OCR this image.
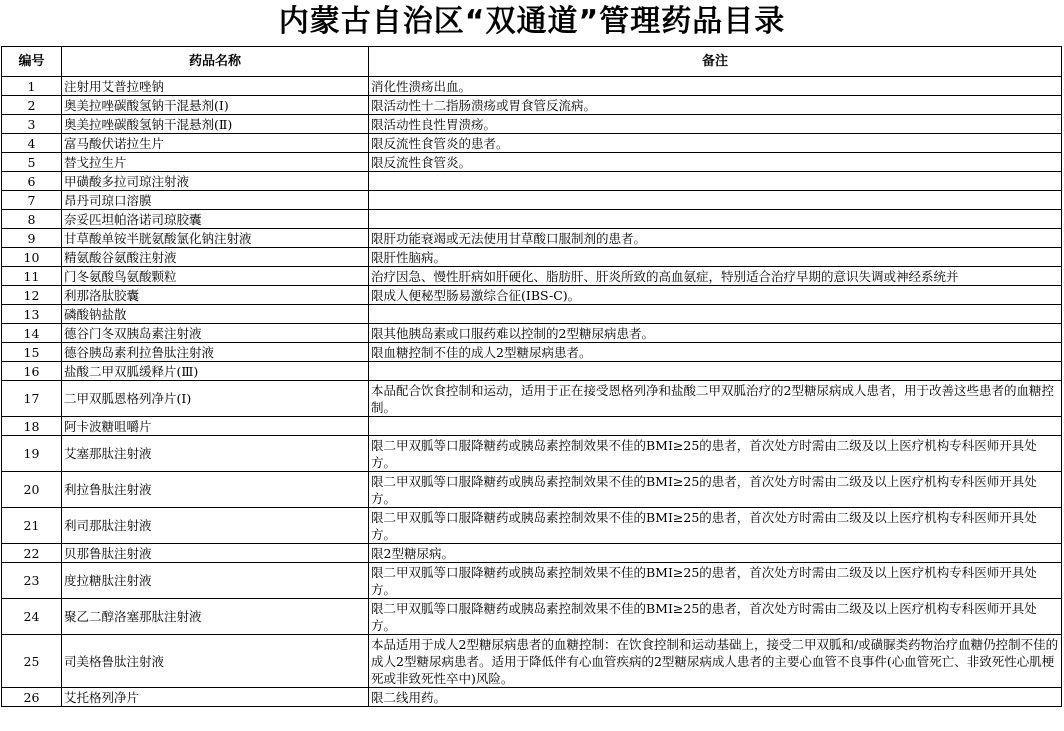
内蒙古自治区“双通道”管理药品目录
编号	药品名称	备注
1	注射用艾普拉唑钠	消化性溃疡出血。
2	奥美拉唑碳酸氢钠干混悬剂(I)	限活动性十二指肠溃疡或胃食管反流病。
3	奥美拉唑碳酸氢钠干混悬剂(Ⅱ)	限活动性良性胃溃疡。
4	富马酸伏诺拉生片	限反流性食管炎的患者。
5	替戈拉生片	限反流性食管炎。
6	甲磺酸多拉司琼注射液	
7	昂丹司琼口溶膜	
8	奈妥匹坦帕洛诺司琼胶囊	
9	甘草酸单铵半胱氨酸氯化钠注射液	限肝功能衰竭或无法使用甘草酸口服制剂的患者。
10	精氨酸谷氨酸注射液	限肝性脑病。
11	门冬氨酸鸟氨酸颗粒	治疗因急、慢性肝病如肝硬化、脂肪肝、肝炎所致的高血氨症，特别适合治疗早期的意识失调或神经系统并
12	利那洛肽胶囊	限成人便秘型肠易激综合征(IBS-C)。
13	磷酸钠盐散	
14	德谷门冬双胰岛素注射液	限其他胰岛素或口服药难以控制的2型糖尿病患者。
15	德谷胰岛素利拉鲁肽注射液	限血糖控制不佳的成人2型糖尿病患者。
16	盐酸二甲双胍缓释片(Ⅲ)	
17	二甲双胍恩格列净片(Ⅰ)	本品配合饮食控制和运动，适用于正在接受恩格列净和盐酸二甲双胍治疗的2型糖尿病成人患者，用于改善这些患者的血糖控制。
18	阿卡波糖咀嚼片	
19	艾塞那肽注射液	限二甲双胍等口服降糖药或胰岛素控制效果不佳的BMI≥25的患者，首次处方时需由二级及以上医疗机构专科医师开具处方。
20	利拉鲁肽注射液	限二甲双胍等口服降糖药或胰岛素控制效果不佳的BMI≥25的患者，首次处方时需由二级及以上医疗机构专科医师开具处方。
21	利司那肽注射液	限二甲双胍等口服降糖药或胰岛素控制效果不佳的BMI≥25的患者，首次处方时需由二级及以上医疗机构专科医师开具处方。
22	贝那鲁肽注射液	限2型糖尿病。
23	度拉糖肽注射液	限二甲双胍等口服降糖药或胰岛素控制效果不佳的BMI≥25的患者，首次处方时需由二级及以上医疗机构专科医师开具处方。
24	聚乙二醇洛塞那肽注射液	限二甲双胍等口服降糖药或胰岛素控制效果不佳的BMI≥25的患者，首次处方时需由二级及以上医疗机构专科医师开具处方。
25	司美格鲁肽注射液	本品适用于成人2型糖尿病患者的血糖控制：在饮食控制和运动基础上，接受二甲双胍和/或磺脲类药物治疗血糖仍控制不佳的成人2型糖尿病患者。适用于降低伴有心血管疾病的2型糖尿病成人患者的主要心血管不良事件(心血管死亡、非致死性心肌梗死或非致死性卒中)风险。
26	艾托格列净片	限二线用药。
